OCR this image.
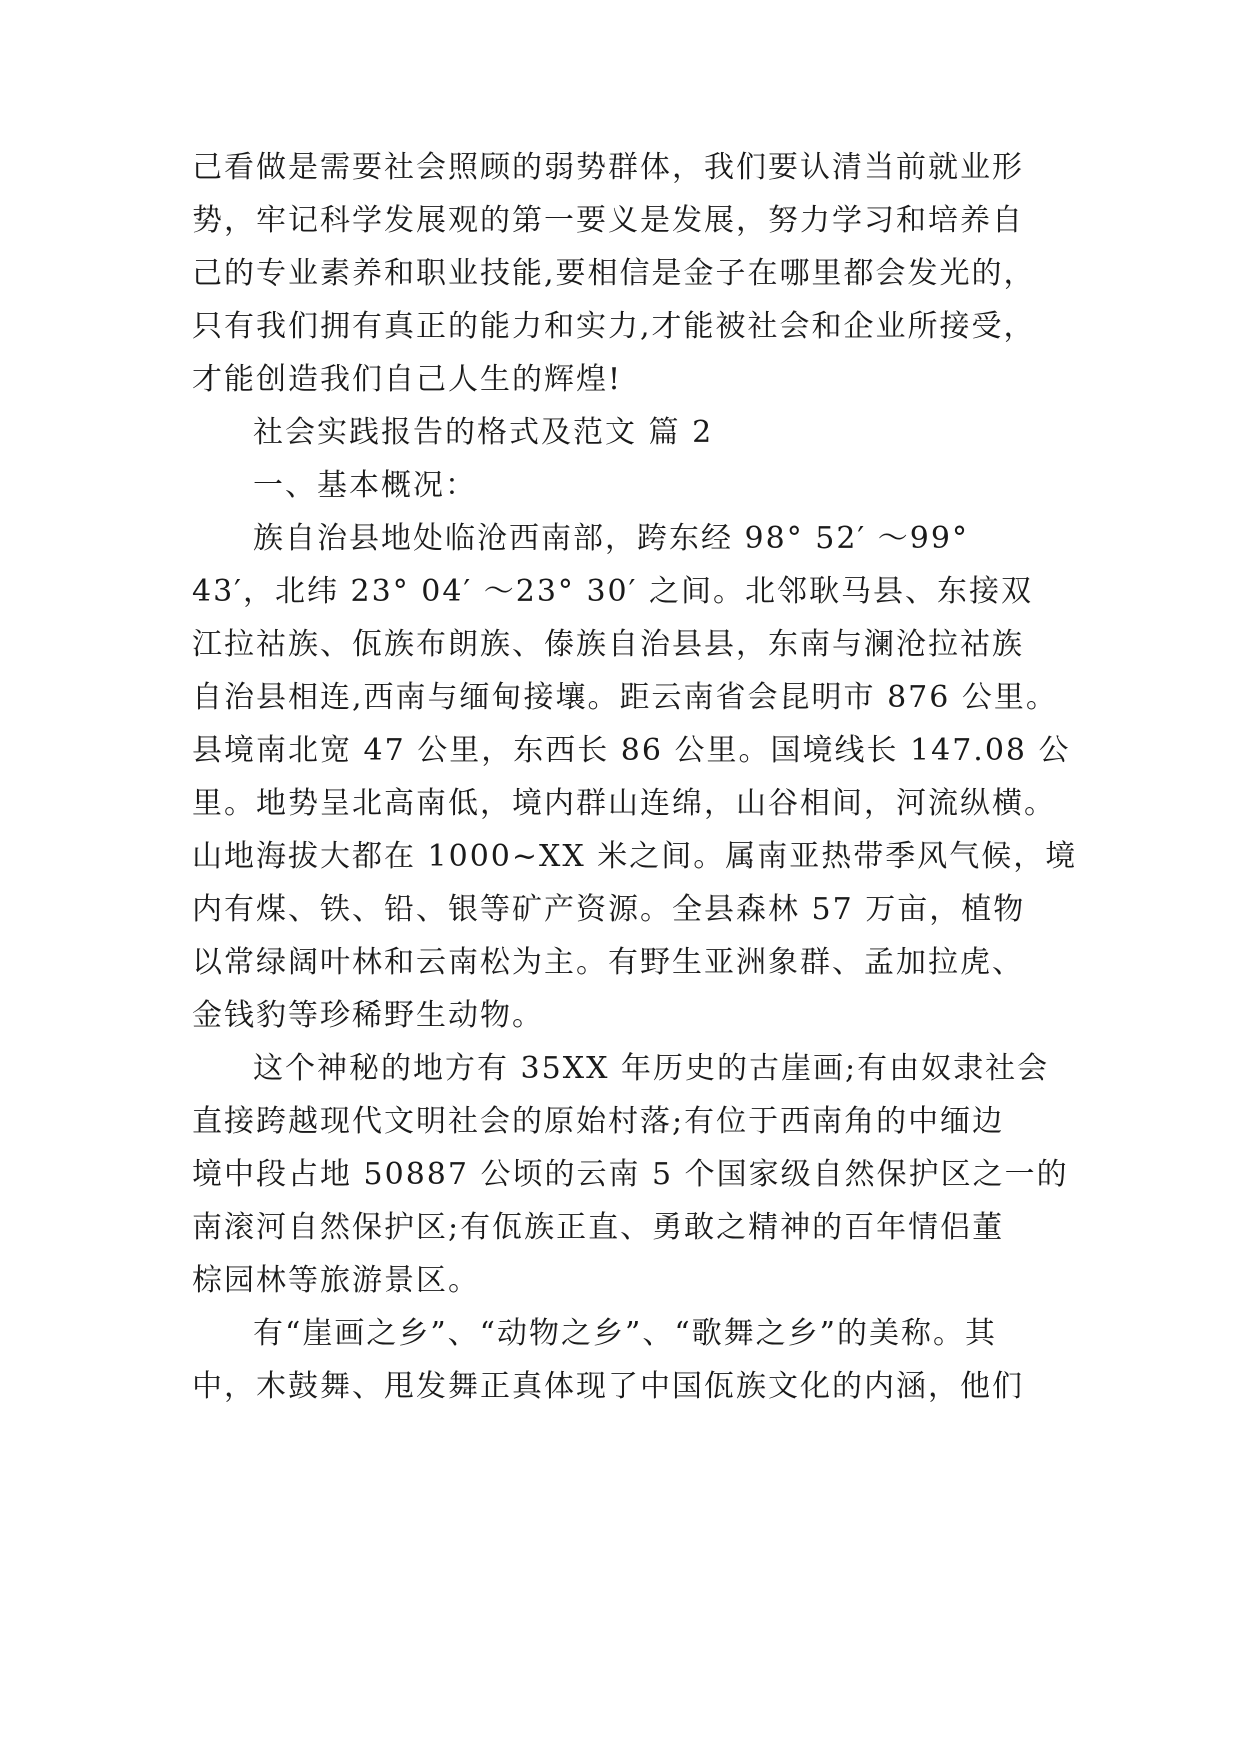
己看做是需要社会照顾的弱势群体，我们要认清当前就业形
势，牢记科学发展观的第一要义是发展，努力学习和培养自
己的专业素养和职业技能,要相信是金子在哪里都会发光的，
只有我们拥有真正的能力和实力,才能被社会和企业所接受，
才能创造我们自己人生的辉煌!
社会实践报告的格式及范文 篇 2
一、基本概况：
族自治县地处临沧西南部，跨东经 98° 52′ ～99°
43′，北纬 23° 04′ ～23° 30′ 之间。北邻耿马县、东接双
江拉祜族、佤族布朗族、傣族自治县县，东南与澜沧拉祜族
自治县相连,西南与缅甸接壤。距云南省会昆明市 876 公里。
县境南北宽 47 公里，东西长 86 公里。国境线长 147.08 公
里。地势呈北高南低，境内群山连绵，山谷相间，河流纵横。
山地海拔大都在 1000~XX 米之间。属南亚热带季风气候，境
内有煤、铁、铅、银等矿产资源。全县森林 57 万亩，植物
以常绿阔叶林和云南松为主。有野生亚洲象群、孟加拉虎、
金钱豹等珍稀野生动物。
这个神秘的地方有 35XX 年历史的古崖画;有由奴隶社会
直接跨越现代文明社会的原始村落;有位于西南角的中缅边
境中段占地 50887 公顷的云南 5 个国家级自然保护区之一的
南滚河自然保护区;有佤族正直、勇敢之精神的百年情侣董
棕园林等旅游景区。
有“崖画之乡”、“动物之乡”、“歌舞之乡”的美称。其
中，木鼓舞、甩发舞正真体现了中国佤族文化的内涵，他们
